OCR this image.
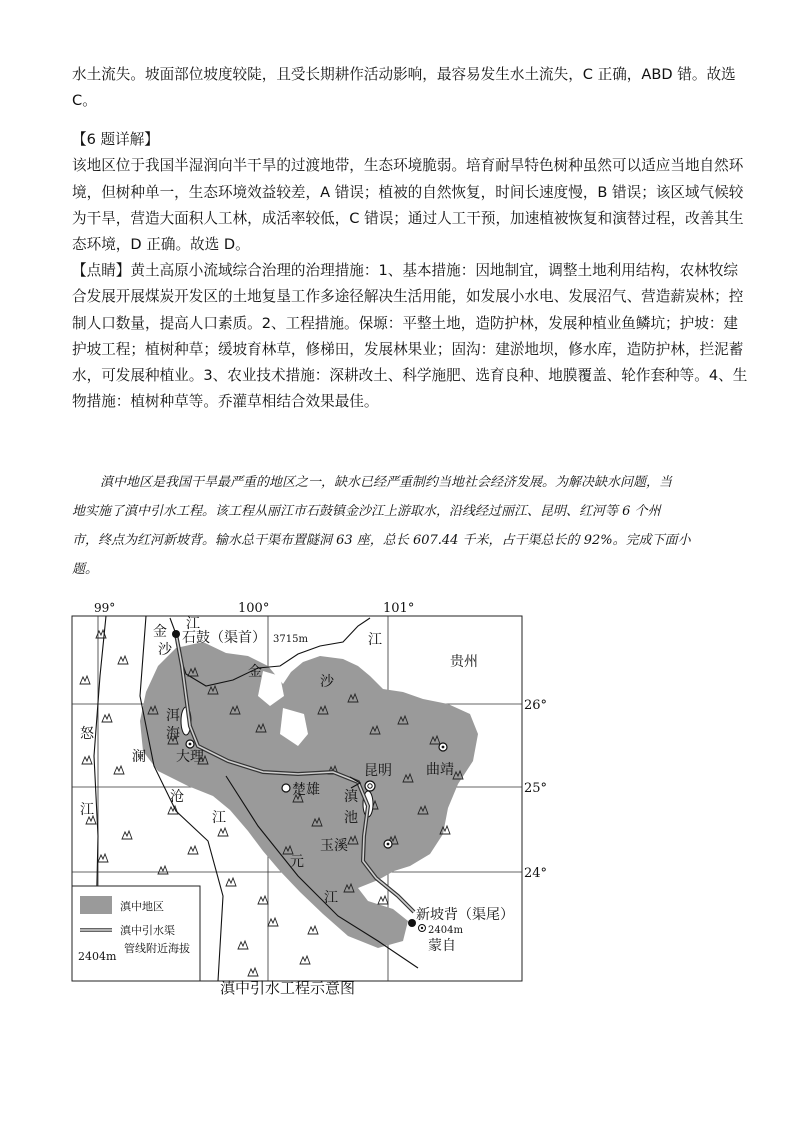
水土流失。坡面部位坡度较陡，且受长期耕作活动影响，最容易发生水土流失，C 正确，ABD 错。故选
C。
【6 题详解】
该地区位于我国半湿润向半干旱的过渡地带，生态环境脆弱。培育耐旱特色树种虽然可以适应当地自然环
境，但树种单一，生态环境效益较差，A 错误；植被的自然恢复，时间长速度慢，B 错误；该区域气候较
为干旱，营造大面积人工林，成活率较低，C 错误；通过人工干预，加速植被恢复和演替过程，改善其生
态环境，D 正确。故选 D。
【点睛】黄土高原小流域综合治理的治理措施：1、基本措施：因地制宜，调整土地利用结构，农林牧综
合发展开展煤炭开发区的土地复垦工作多途径解决生活用能，如发展小水电、发展沼气、营造薪炭林；控
制人口数量，提高人口素质。2、工程措施。保塬：平整土地，造防护林，发展种植业鱼鳞坑；护坡：建
护坡工程；植树种草；缓坡育林草，修梯田，发展林果业；固沟：建淤地坝，修水库，造防护林，拦泥蓄
水，可发展种植业。3、农业技术措施：深耕改土、科学施肥、选育良种、地膜覆盖、轮作套种等。4、生
物措施：植树种草等。乔灌草相结合效果最佳。
滇中地区是我国干旱最严重的地区之一，缺水已经严重制约当地社会经济发展。为解决缺水问题，当
地实施了滇中引水工程。该工程从丽江市石鼓镇金沙江上游取水，沿线经过丽江、昆明、红河等 6 个州
市，终点为红河新坡背。输水总干渠布置隧洞 63 座，总长 607.44 千米，占干渠总长的 92%。完成下面小
题。
99°	100°	101°
26°
25°
24°
石鼓（渠首） 3715m
大理
楚雄
昆明 曲靖
玉溪
新坡背（渠尾）
2404m
蒙自
贵州
金
沙
江
金
沙
江
洱
海
怒
江
澜
沧
江
滇
池
元
江
滇中地区
滇中引水渠
2404m
管线附近海拔
滇中引水工程示意图
